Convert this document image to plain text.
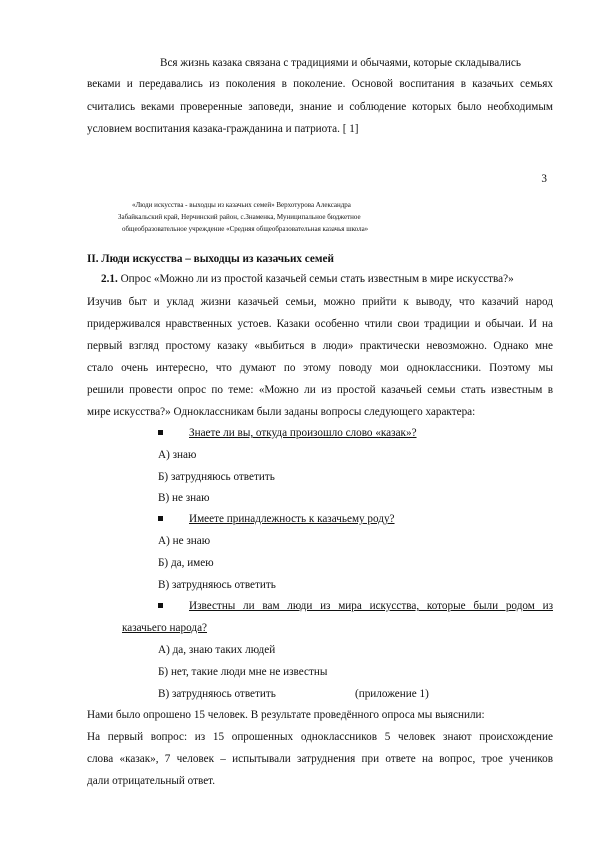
Вся жизнь казака связана с традициями и обычаями, которые складывались
веками и передавались из поколения в поколение. Основой воспитания в казачьих семьях
считались веками проверенные заповеди, знание и соблюдение которых было необходимым
условием воспитания казака-гражданина и патриота. [ 1]
3
«Люди искусства - выходцы из казачьих семей» Верхотурова Александра
Забайкальский край, Нерчинский район, с.Знаменка, Муниципальное бюджетное
общеобразовательное учреждение «Средняя общеобразовательная казачья школа»
II. Люди искусства – выходцы из казачьих семей
2.1. Опрос «Можно ли из простой казачьей семьи стать известным в мире искусства?»
Изучив быт и уклад жизни казачьей семьи, можно прийти к выводу, что казачий народ
придерживался нравственных устоев. Казаки особенно чтили свои традиции и обычаи. И на
первый взгляд простому казаку «выбиться в люди» практически невозможно. Однако мне
стало очень интересно, что думают по этому поводу мои одноклассники. Поэтому мы
решили провести опрос по теме: «Можно ли из простой казачьей семьи стать известным в
мире искусства?» Одноклассникам были заданы вопросы следующего характера:
Знаете ли вы, откуда произошло слово «казак»?
А) знаю
Б) затрудняюсь ответить
В) не знаю
Имеете принадлежность к казачьему роду?
А) не знаю
Б) да, имею
В) затрудняюсь ответить
Известны ли вам люди из мира искусства, которые были родом из
казачьего народа?
А) да, знаю таких людей
Б) нет, такие люди мне не известны
В) затрудняюсь ответить	(приложение 1)
Нами было опрошено 15 человек. В результате проведённого опроса мы выяснили:
На первый вопрос: из 15 опрошенных одноклассников 5 человек знают происхождение
слова «казак», 7 человек – испытывали затруднения при ответе на вопрос, трое учеников
дали отрицательный ответ.
